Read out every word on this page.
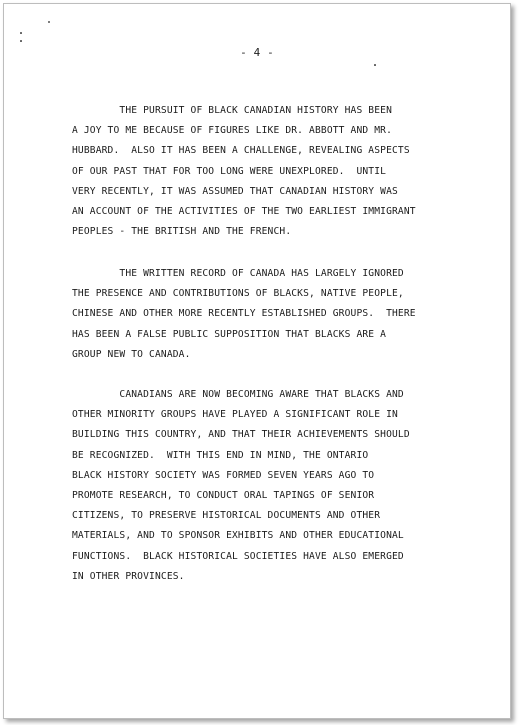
- 4 -
THE PURSUIT OF BLACK CANADIAN HISTORY HAS BEEN
A JOY TO ME BECAUSE OF FIGURES LIKE DR. ABBOTT AND MR.
HUBBARD.  ALSO IT HAS BEEN A CHALLENGE, REVEALING ASPECTS
OF OUR PAST THAT FOR TOO LONG WERE UNEXPLORED.  UNTIL
VERY RECENTLY, IT WAS ASSUMED THAT CANADIAN HISTORY WAS
AN ACCOUNT OF THE ACTIVITIES OF THE TWO EARLIEST IMMIGRANT
PEOPLES - THE BRITISH AND THE FRENCH.
THE WRITTEN RECORD OF CANADA HAS LARGELY IGNORED
THE PRESENCE AND CONTRIBUTIONS OF BLACKS, NATIVE PEOPLE,
CHINESE AND OTHER MORE RECENTLY ESTABLISHED GROUPS.  THERE
HAS BEEN A FALSE PUBLIC SUPPOSITION THAT BLACKS ARE A
GROUP NEW TO CANADA.
CANADIANS ARE NOW BECOMING AWARE THAT BLACKS AND
OTHER MINORITY GROUPS HAVE PLAYED A SIGNIFICANT ROLE IN
BUILDING THIS COUNTRY, AND THAT THEIR ACHIEVEMENTS SHOULD
BE RECOGNIZED.  WITH THIS END IN MIND, THE ONTARIO
BLACK HISTORY SOCIETY WAS FORMED SEVEN YEARS AGO TO
PROMOTE RESEARCH, TO CONDUCT ORAL TAPINGS OF SENIOR
CITIZENS, TO PRESERVE HISTORICAL DOCUMENTS AND OTHER
MATERIALS, AND TO SPONSOR EXHIBITS AND OTHER EDUCATIONAL
FUNCTIONS.  BLACK HISTORICAL SOCIETIES HAVE ALSO EMERGED
IN OTHER PROVINCES.
